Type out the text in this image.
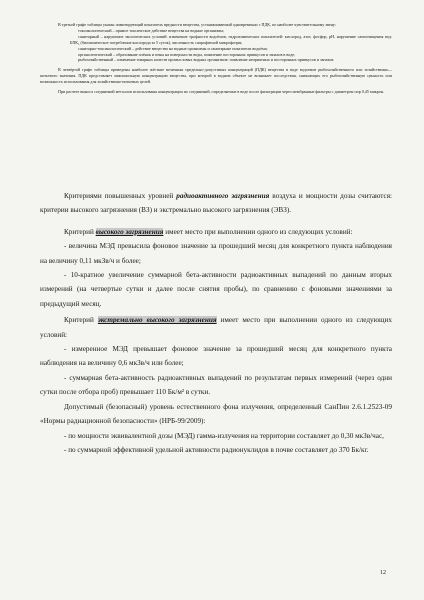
В третьей графе таблицы указан лимитирующий показатель вредности вещества, устанавливаемый одновременно с ПДК, по наиболее чувствительному звену:

токсикологический – прямое токсическое действие вещества на водные организмы;

санитарный – нарушение экологических условий: изменение трофности водоёмов, гидрохимических показателей: кислород, азот, фосфор, pH, нарушение самоочищения вод: БПК₅ (биохимическое потребление кислорода за 5 суток), численность сапрофитной микрофлоры;

санитарно-токсикологический – действие вещества на водные организмы и санитарные показатели водоёма;

органолептический – образование плёнок и пены на поверхности воды, появление посторонних привкусов и запахов в воде;

рыбохозяйственный – изменение товарных качеств промысловых водных организмов: появление неприятных и посторонних привкусов и запахов.

В четвёртой графе таблицы приведены наиболее жёсткие величины предельно-допустимых концентраций (ПДК) вещества в воде водоемов рыбохозяйственного или хозяйственно—питьевого значения. ПДК представляет максимальную концентрацию вещества, при которой в водном объекте не возникает последствия, снижающих его рыбохозяйственную ценность или возможность использования для хозяйственно-питьевых целей.

При расчете выноса соединений металлов использованы концентрации их соединений, определяемые в воде после фильтрации через мембранные фильтры с диаметром пор 0,45 микрон.

Критериями повышенных уровней радиоактивного загрязнения воздуха и мощности дозы считаются: критерии высокого загрязнения (ВЗ) и экстремально высокого загрязнения (ЭВЗ).

Критерий высокого загрязнения имеет место при выполнении одного из следующих условий:

- величина МЭД превысила фоновое значение за прошедший месяц для конкретного пункта наблюдения на величину 0,11 мкЗв/ч и более;

- 10-кратное увеличение суммарной бета-активности радиоактивных выпадений по данным вторых измерений (на четвертые сутки и далее после снятия пробы), по сравнению с фоновыми значениями за предыдущий месяц.

Критерий экстремально высокого загрязнения имеет место при выполнении одного из следующих условий:

- измеренное МЭД превышает фоновое значение за прошедший месяц для конкретного пункта наблюдения на величину 0,6 мкЗв/ч или более;

- суммарная бета-активность радиоактивных выпадений по результатам первых измерений (через одни сутки после отбора проб) превышает 110 Бк/м² в сутки.

Допустимый (безопасный) уровень естественного фона излучения, определенный СанПин 2.6.1.2523-09 «Нормы радиационной безопасности» (НРБ-99/2009):

- по мощности эквивалентной дозы (МЭД) гамма-излучения на территории составляет до 0,30 мкЗв/час,

- по суммарной эффективной удельной активности радионуклидов в почве составляет до 370 Бк/кг.

12
